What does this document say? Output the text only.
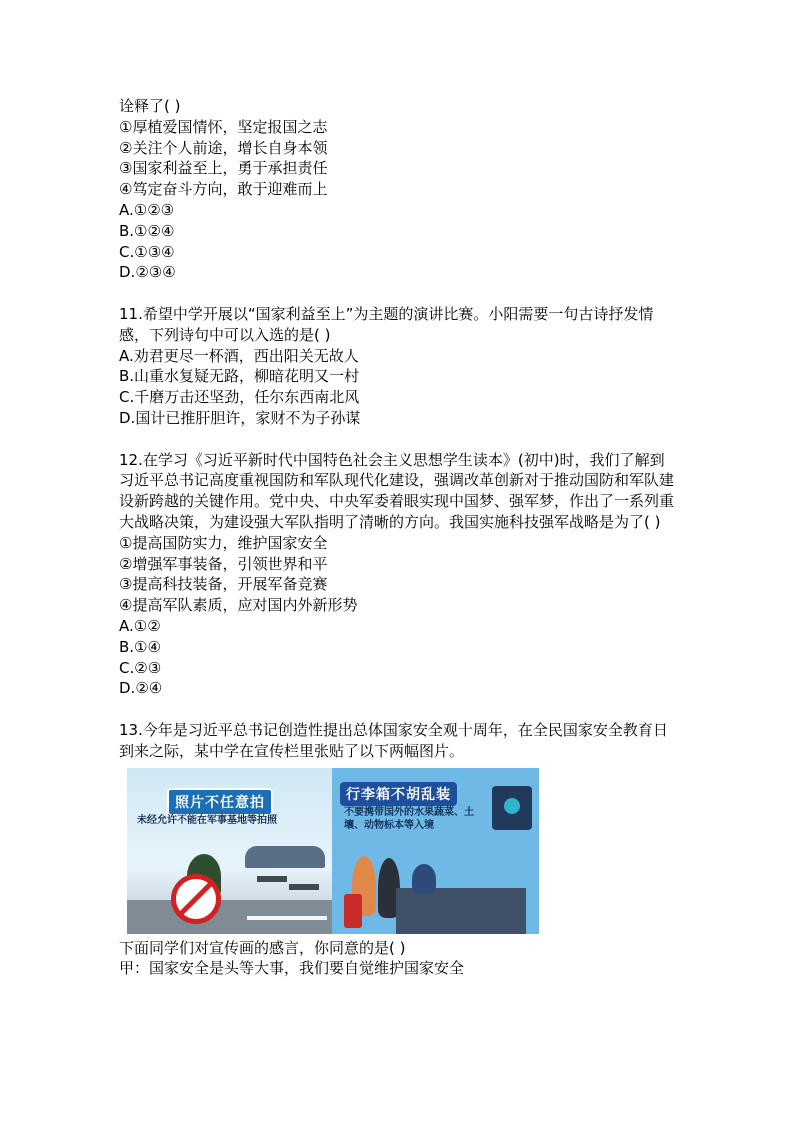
诠释了( )
①厚植爱国情怀，坚定报国之志
②关注个人前途，增长自身本领
③国家利益至上，勇于承担责任
④笃定奋斗方向，敢于迎难而上
A.①②③
B.①②④
C.①③④
D.②③④
11.希望中学开展以“国家利益至上”为主题的演讲比赛。小阳需要一句古诗抒发情感，下列诗句中可以入选的是( )
A.劝君更尽一杯酒，西出阳关无故人
B.山重水复疑无路，柳暗花明又一村
C.千磨万击还坚劲，任尔东西南北风
D.国计已推肝胆许，家财不为子孙谋
12.在学习《习近平新时代中国特色社会主义思想学生读本》(初中)时，我们了解到习近平总书记高度重视国防和军队现代化建设，强调改革创新对于推动国防和军队建设新跨越的关键作用。党中央、中央军委着眼实现中国梦、强军梦，作出了一系列重大战略决策，为建设强大军队指明了清晰的方向。我国实施科技强军战略是为了( )
①提高国防实力，维护国家安全
②增强军事装备，引领世界和平
③提高科技装备，开展军备竞赛
④提高军队素质，应对国内外新形势
A.①②
B.①④
C.②③
D.②④
13.今年是习近平总书记创造性提出总体国家安全观十周年，在全民国家安全教育日到来之际，某中学在宣传栏里张贴了以下两幅图片。
照片不任意拍
未经允许不能在军事基地等拍照
行李箱不胡乱装
不要携带国外的水果蔬菜、土壤、动物标本等入境
下面同学们对宣传画的感言，你同意的是( )
甲：国家安全是头等大事，我们要自觉维护国家安全
